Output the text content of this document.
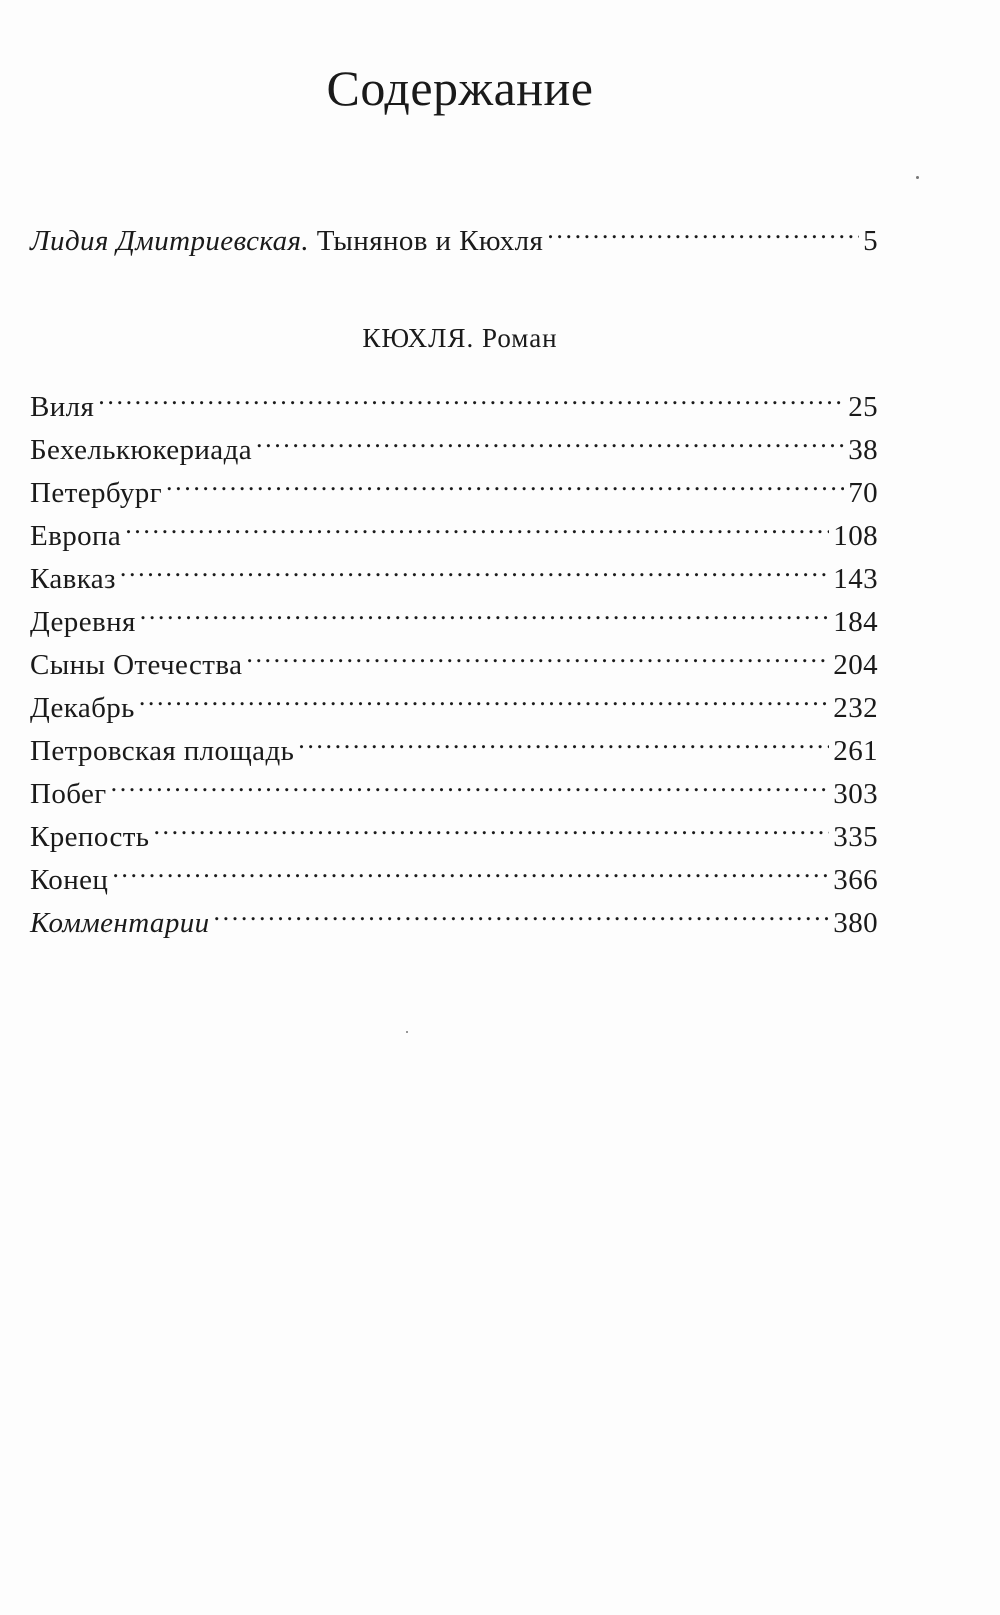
Содержание
Лидия Дмитриевская. Тынянов и Кюхля .....	5
КЮХЛЯ. Роман
Виля .....	25
Бехелькюкериада .....	38
Петербург .....	70
Европа .....	108
Кавказ .....	143
Деревня .....	184
Сыны Отечества .....	204
Декабрь .....	232
Петровская площадь .....	261
Побег .....	303
Крепость .....	335
Конец .....	366
Комментарии .....	380
